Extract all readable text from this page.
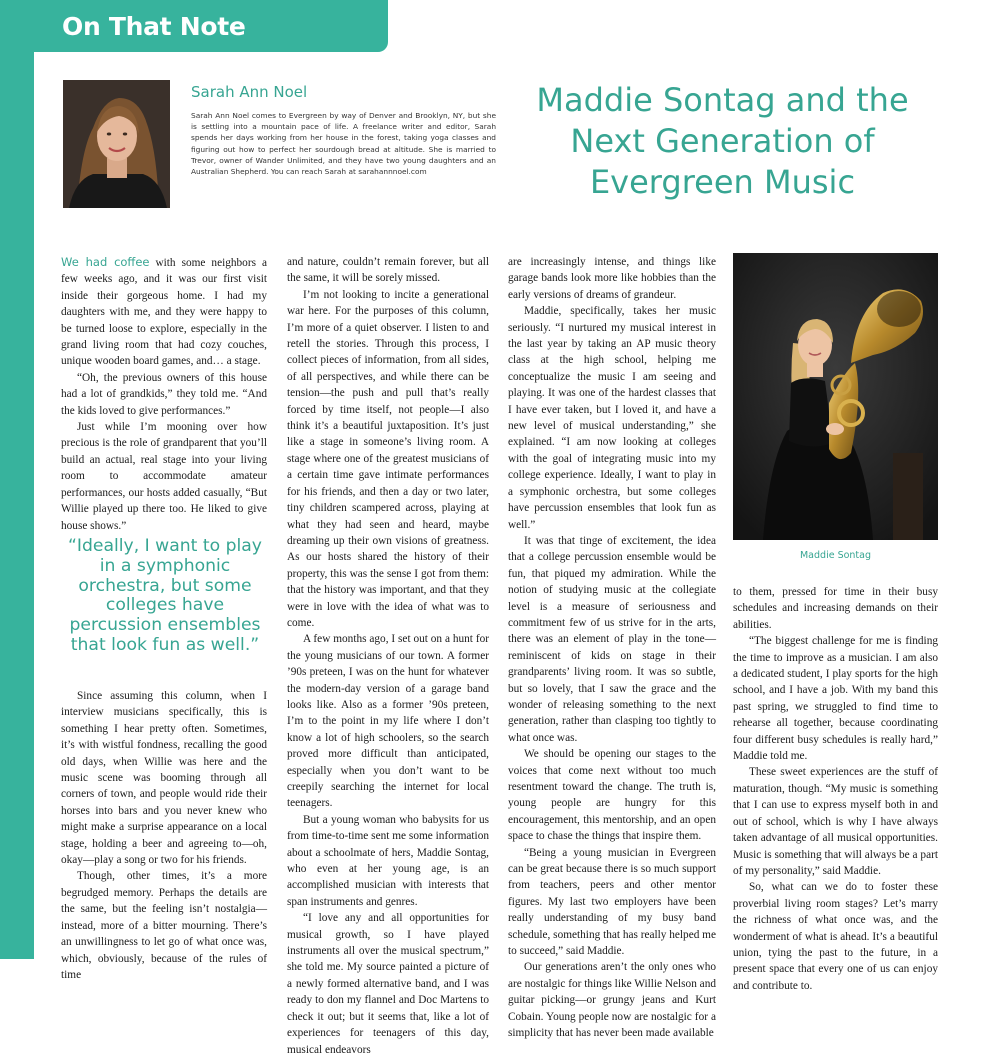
On That Note
Sarah Ann Noel
Sarah Ann Noel comes to Evergreen by way of Denver and Brooklyn, NY, but she is settling into a mountain pace of life. A freelance writer and editor, Sarah spends her days working from her house in the forest, taking yoga classes and figuring out how to perfect her sourdough bread at altitude. She is married to Trevor, owner of Wander Unlimited, and they have two young daughters and an Australian Shepherd. You can reach Sarah at sarahannnoel.com
Maddie Sontag and the Next Generation of Evergreen Music

We had coffee with some neighbors a few weeks ago, and it was our first visit inside their gorgeous home. I had my daughters with me, and they were happy to be turned loose to explore, especially in the grand living room that had cozy couches, unique wooden board games, and… a stage.

“Oh, the previous owners of this house had a lot of grandkids,” they told me. “And the kids loved to give performances.”

Just while I’m mooning over how precious is the role of grandparent that you’ll build an actual, real stage into your living room to accommodate amateur performances, our hosts added casually, “But Willie played up there too. He liked to give house shows.”

“Ideally, I want to play in a symphonic orchestra, but some colleges have percussion ensembles that look fun as well.”

Since assuming this column, when I interview musicians specifically, this is something I hear pretty often. Sometimes, it’s with wistful fondness, recalling the good old days, when Willie was here and the music scene was booming through all corners of town, and people would ride their horses into bars and you never knew who might make a surprise appearance on a local stage, holding a beer and agreeing to—oh, okay—play a song or two for his friends.

Though, other times, it’s a more begrudged memory. Perhaps the details are the same, but the feeling isn’t nostalgia—instead, more of a bitter mourning. There’s an unwillingness to let go of what once was, which, obviously, because of the rules of time

and nature, couldn’t remain forever, but all the same, it will be sorely missed.

I’m not looking to incite a generational war here. For the purposes of this column, I’m more of a quiet observer. I listen to and retell the stories. Through this process, I collect pieces of information, from all sides, of all perspectives, and while there can be tension—the push and pull that’s really forced by time itself, not people—I also think it’s a beautiful juxtaposition. It’s just like a stage in someone’s living room. A stage where one of the greatest musicians of a certain time gave intimate performances for his friends, and then a day or two later, tiny children scampered across, playing at what they had seen and heard, maybe dreaming up their own visions of greatness. As our hosts shared the history of their property, this was the sense I got from them: that the history was important, and that they were in love with the idea of what was to come.

A few months ago, I set out on a hunt for the young musicians of our town. A former ’90s preteen, I was on the hunt for whatever the modern-day version of a garage band looks like. Also as a former ’90s preteen, I’m to the point in my life where I don’t know a lot of high schoolers, so the search proved more difficult than anticipated, especially when you don’t want to be creepily searching the internet for local teenagers.

But a young woman who babysits for us from time-to-time sent me some information about a schoolmate of hers, Maddie Sontag, who even at her young age, is an accomplished musician with interests that span instruments and genres.

“I love any and all opportunities for musical growth, so I have played instruments all over the musical spectrum,” she told me. My source painted a picture of a newly formed alternative band, and I was ready to don my flannel and Doc Martens to check it out; but it seems that, like a lot of experiences for teenagers of this day, musical endeavors

are increasingly intense, and things like garage bands look more like hobbies than the early versions of dreams of grandeur.

Maddie, specifically, takes her music seriously. “I nurtured my musical interest in the last year by taking an AP music theory class at the high school, helping me conceptualize the music I am seeing and playing. It was one of the hardest classes that I have ever taken, but I loved it, and have a new level of musical understanding,” she explained. “I am now looking at colleges with the goal of integrating music into my college experience. Ideally, I want to play in a symphonic orchestra, but some colleges have percussion ensembles that look fun as well.”

It was that tinge of excitement, the idea that a college percussion ensemble would be fun, that piqued my admiration. While the notion of studying music at the collegiate level is a measure of seriousness and commitment few of us strive for in the arts, there was an element of play in the tone—reminiscent of kids on stage in their grandparents’ living room. It was so subtle, but so lovely, that I saw the grace and the wonder of releasing something to the next generation, rather than clasping too tightly to what once was.

We should be opening our stages to the voices that come next without too much resentment toward the change. The truth is, young people are hungry for this encouragement, this mentorship, and an open space to chase the things that inspire them.

“Being a young musician in Evergreen can be great because there is so much support from teachers, peers and other mentor figures. My last two employers have been really understanding of my busy band schedule, something that has really helped me to succeed,” said Maddie.

Our generations aren’t the only ones who are nostalgic for things like Willie Nelson and guitar picking—or grungy jeans and Kurt Cobain. Young people now are nostalgic for a simplicity that has never been made available

Maddie Sontag

to them, pressed for time in their busy schedules and increasing demands on their abilities.

“The biggest challenge for me is finding the time to improve as a musician. I am also a dedicated student, I play sports for the high school, and I have a job. With my band this past spring, we struggled to find time to rehearse all together, because coordinating four different busy schedules is really hard,” Maddie told me.

These sweet experiences are the stuff of maturation, though. “My music is something that I can use to express myself both in and out of school, which is why I have always taken advantage of all musical opportunities. Music is something that will always be a part of my personality,” said Maddie.

So, what can we do to foster these proverbial living room stages? Let’s marry the richness of what once was, and the wonderment of what is ahead. It’s a beautiful union, tying the past to the future, in a present space that every one of us can enjoy and contribute to.
